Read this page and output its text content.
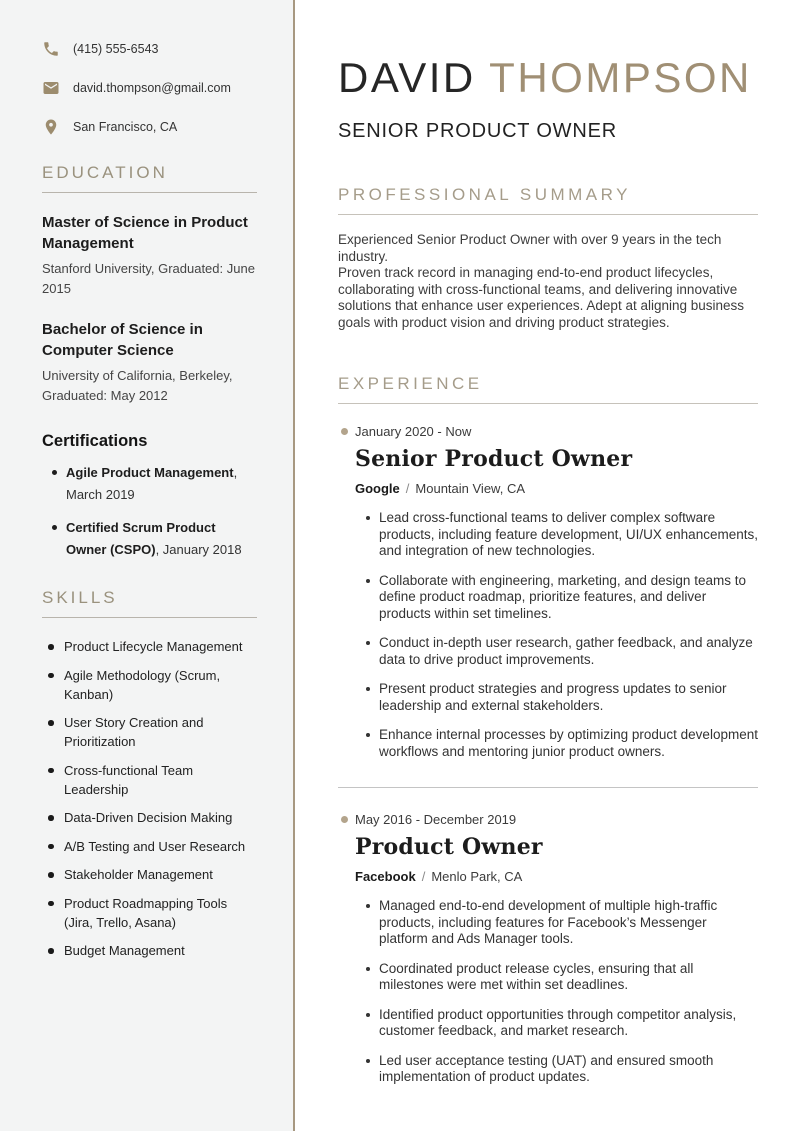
(415) 555-6543
david.thompson@gmail.com
San Francisco, CA
EDUCATION
Master of Science in Product Management

Stanford University, Graduated: June 2015

Bachelor of Science in Computer Science

University of California, Berkeley, Graduated: May 2012

Certifications
Agile Product Management, March 2019
Certified Scrum Product Owner (CSPO), January 2018
SKILLS
Product Lifecycle Management
Agile Methodology (Scrum, Kanban)
User Story Creation and Prioritization
Cross-functional Team Leadership
Data-Driven Decision Making
A/B Testing and User Research
Stakeholder Management
Product Roadmapping Tools (Jira, Trello, Asana)
Budget Management
DAVID THOMPSON
SENIOR PRODUCT OWNER
PROFESSIONAL SUMMARY

Experienced Senior Product Owner with over 9 years in the tech industry.
Proven track record in managing end-to-end product lifecycles, collaborating with cross-functional teams, and delivering innovative solutions that enhance user experiences. Adept at aligning business goals with product vision and driving product strategies.

EXPERIENCE
January 2020 - Now
Senior Product Owner
Google / Mountain View, CA
Lead cross-functional teams to deliver complex software products, including feature development, UI/UX enhancements, and integration of new technologies.
Collaborate with engineering, marketing, and design teams to define product roadmap, prioritize features, and deliver products within set timelines.
Conduct in-depth user research, gather feedback, and analyze data to drive product improvements.
Present product strategies and progress updates to senior leadership and external stakeholders.
Enhance internal processes by optimizing product development workflows and mentoring junior product owners.
May 2016 - December 2019
Product Owner
Facebook / Menlo Park, CA
Managed end-to-end development of multiple high-traffic products, including features for Facebook’s Messenger platform and Ads Manager tools.
Coordinated product release cycles, ensuring that all milestones were met within set deadlines.
Identified product opportunities through competitor analysis, customer feedback, and market research.
Led user acceptance testing (UAT) and ensured smooth implementation of product updates.
